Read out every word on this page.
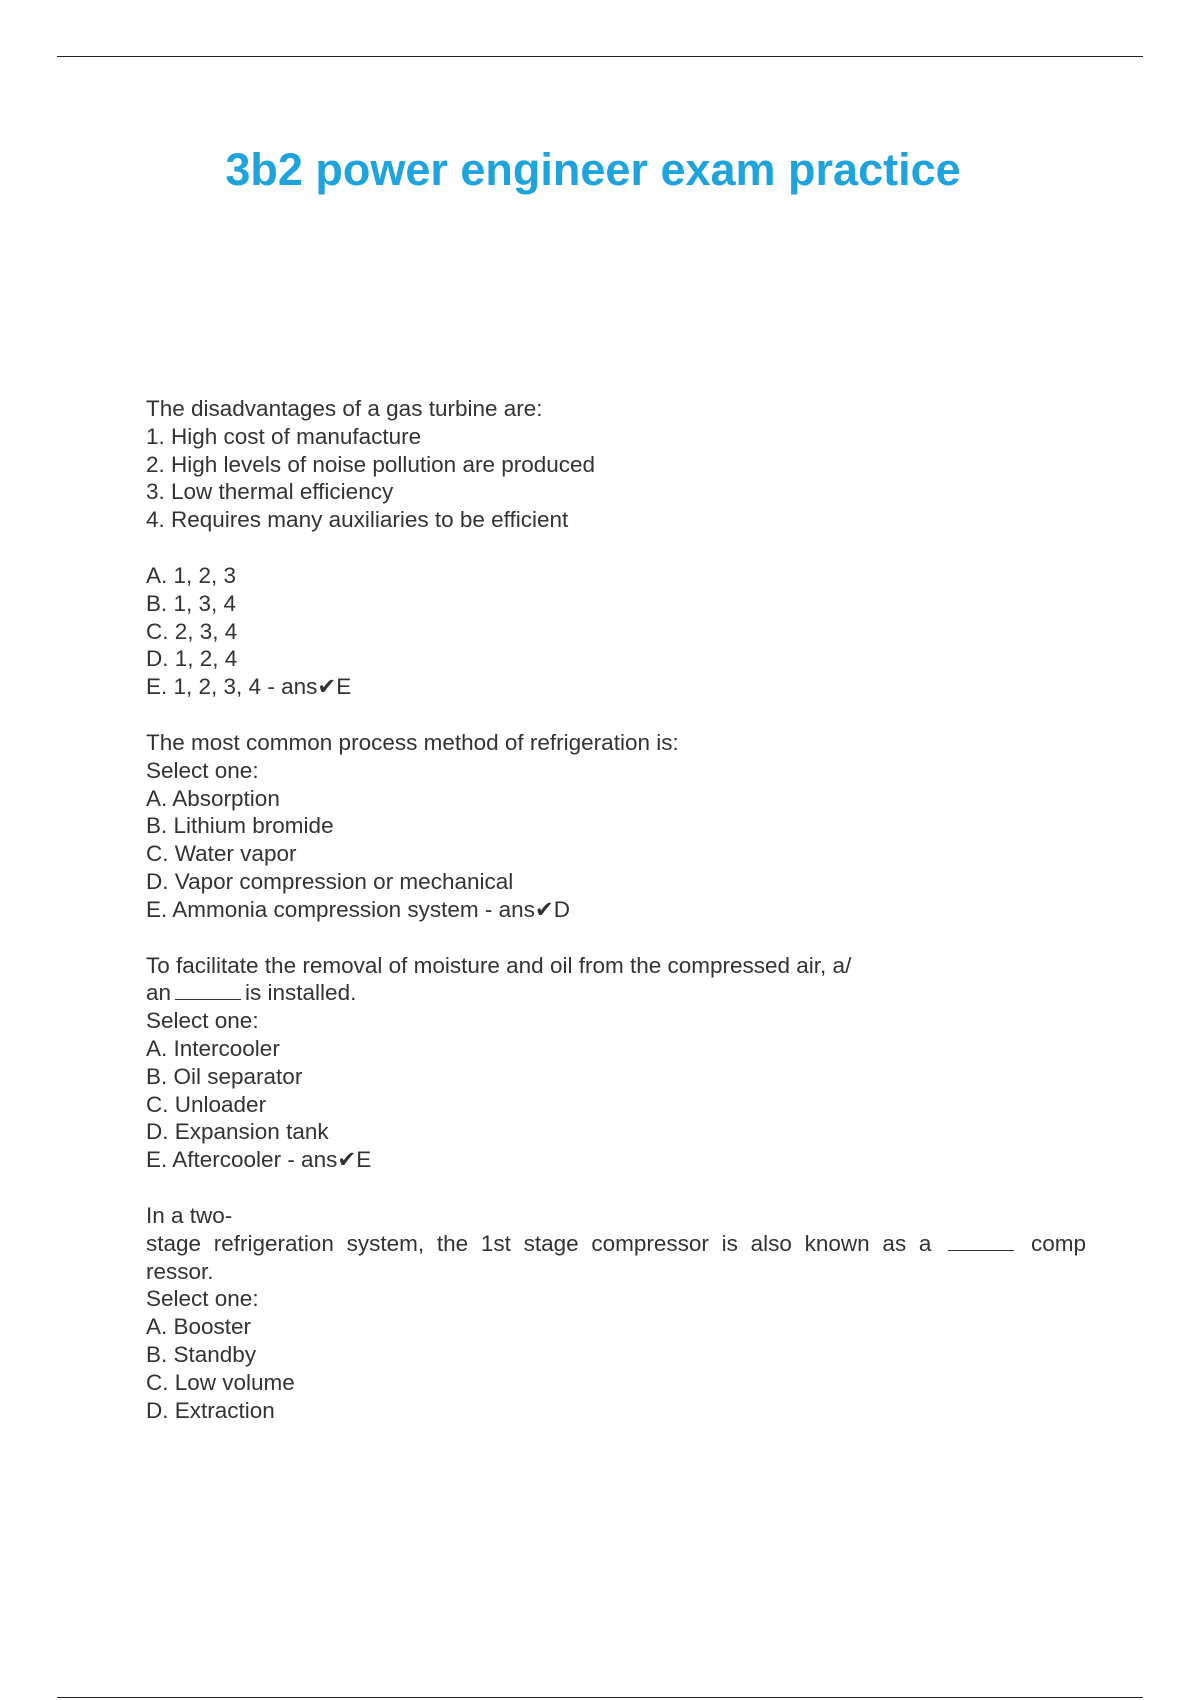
3b2 power engineer exam practice
The disadvantages of a gas turbine are:
1. High cost of manufacture
2. High levels of noise pollution are produced
3. Low thermal efficiency
4. Requires many auxiliaries to be efficient
A. 1, 2, 3
B. 1, 3, 4
C. 2, 3, 4
D. 1, 2, 4
E. 1, 2, 3, 4 - ans✔E
The most common process method of refrigeration is:
Select one:
A. Absorption
B. Lithium bromide
C. Water vapor
D. Vapor compression or mechanical
E. Ammonia compression system - ans✔D
To facilitate the removal of moisture and oil from the compressed air, a/
an	is installed.
Select one:
A. Intercooler
B. Oil separator
C. Unloader
D. Expansion tank
E. Aftercooler - ans✔E
In a two-
stage refrigeration system, the 1st stage compressor is also known as a	comp
ressor.
Select one:
A. Booster
B. Standby
C. Low volume
D. Extraction
